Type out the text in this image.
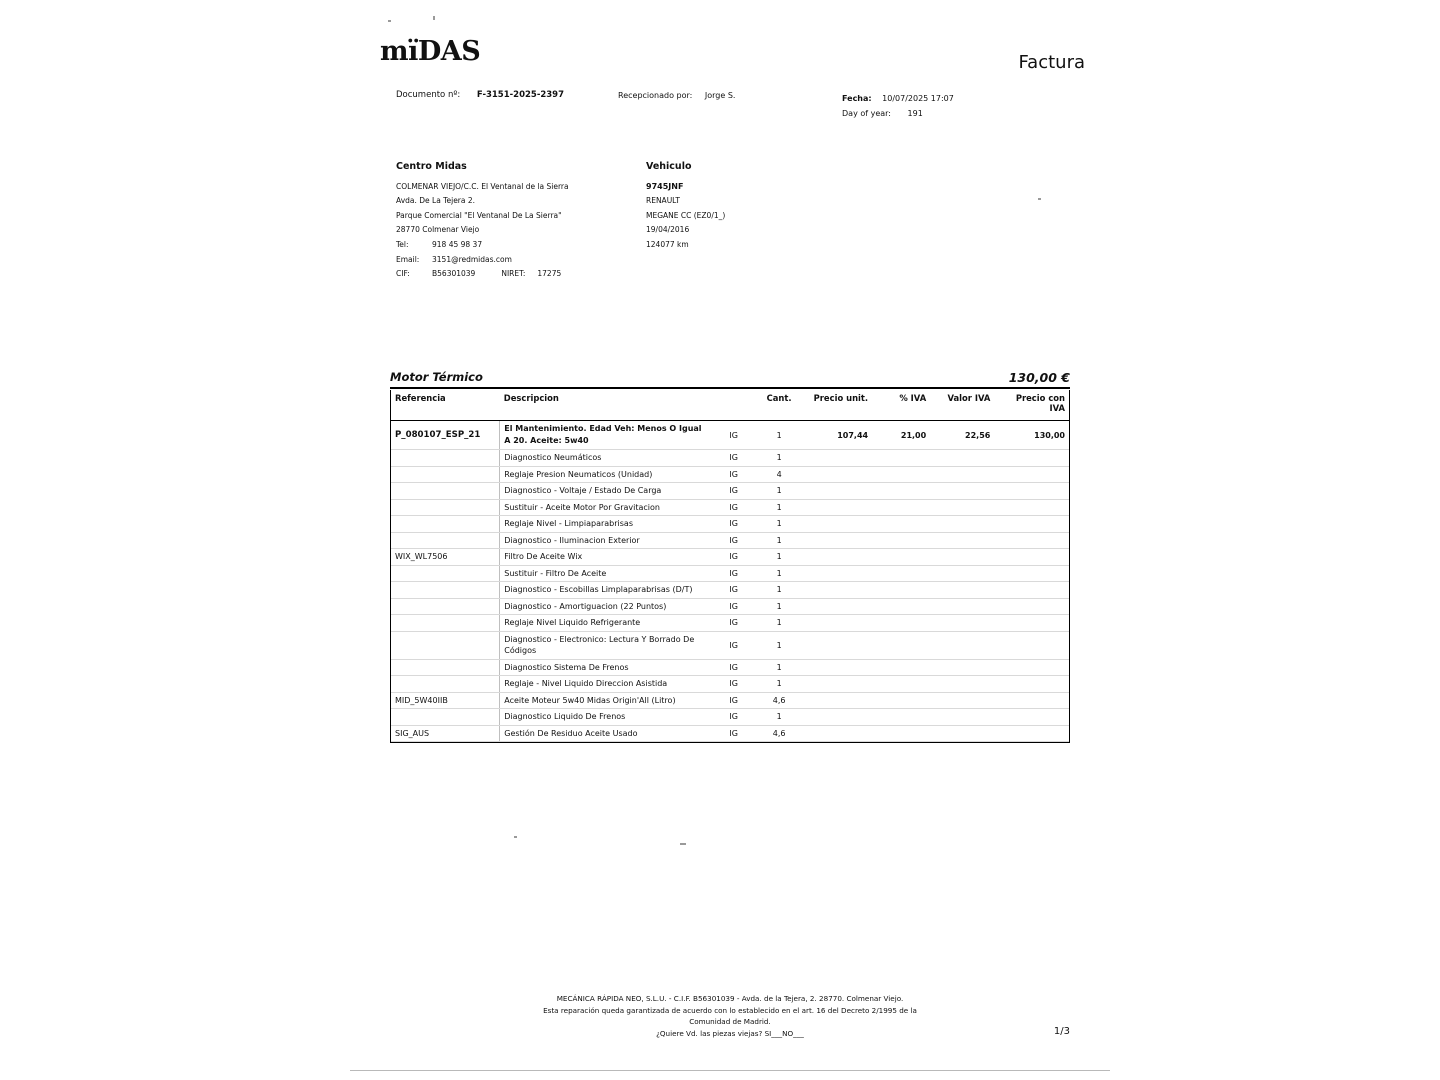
mïDAS	Factura
Documento nº: F-3151-2025-2397	Recepcionado por: Jorge S.	Fecha: 10/07/2025 17:07
Day of year: 191
Centro Midas
COLMENAR VIEJO/C.C. El Ventanal de la Sierra
Avda. De La Tejera 2.
Parque Comercial "El Ventanal De La Sierra"
28770 Colmenar Viejo
Tel:	918 45 98 37
Email: 3151@redmidas.com
CIF:	B56301039	NIRET: 17275
Vehiculo
9745JNF
RENAULT
MEGANE CC (EZ0/1_)
19/04/2016
124077 km
Motor Térmico	130,00 €
Referencia	Descripcion		Cant.	Precio unit.	% IVA	Valor IVA	Precio con IVA
P_080107_ESP_21	El Mantenimiento. Edad Veh: Menos O Igual A 20. Aceite: 5w40	IG	1	107,44	21,00	22,56	130,00
	Diagnostico Neumáticos	IG	1				
	Reglaje Presion Neumaticos (Unidad)	IG	4				
	Diagnostico - Voltaje / Estado De Carga	IG	1				
	Sustituir - Aceite Motor Por Gravitacion	IG	1				
	Reglaje Nivel - Limpiaparabrisas	IG	1				
	Diagnostico - Iluminacion Exterior	IG	1				
WIX_WL7506	Filtro De Aceite Wix	IG	1				
	Sustituir - Filtro De Aceite	IG	1				
	Diagnostico - Escobillas Limplaparabrisas (D/T)	IG	1				
	Diagnostico - Amortiguacion (22 Puntos)	IG	1				
	Reglaje Nivel Liquido Refrigerante	IG	1				
	Diagnostico - Electronico: Lectura Y Borrado De Códigos	IG	1				
	Diagnostico Sistema De Frenos	IG	1				
	Reglaje - Nivel Liquido Direccion Asistida	IG	1				
MID_5W40IIB	Aceite Moteur 5w40 Midas Origin'All (Litro)	IG	4,6				
	Diagnostico Liquido De Frenos	IG	1				
SIG_AUS	Gestión De Residuo Aceite Usado	IG	4,6				
MECÁNICA RÁPIDA NEO, S.L.U. - C.I.F. B56301039 - Avda. de la Tejera, 2. 28770. Colmenar Viejo.
Esta reparación queda garantizada de acuerdo con lo establecido en el art. 16 del Decreto 2/1995 de la
Comunidad de Madrid.
¿Quiere Vd. las piezas viejas? SI___NO___	1/3
